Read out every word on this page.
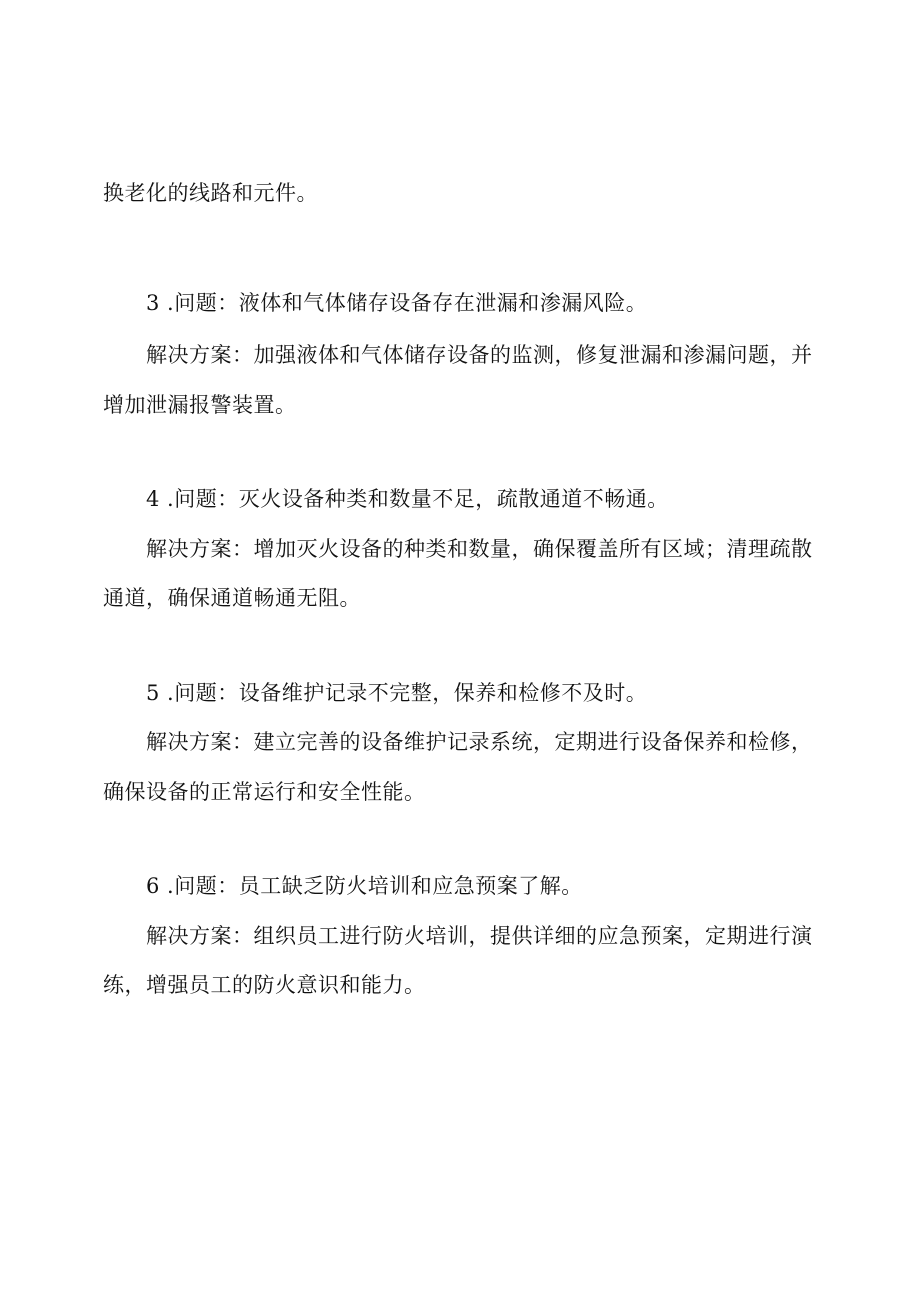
换老化的线路和元件。
3 .问题：液体和气体储存设备存在泄漏和渗漏风险。
解决方案：加强液体和气体储存设备的监测，修复泄漏和渗漏问题，并
增加泄漏报警装置。
4 .问题：灭火设备种类和数量不足，疏散通道不畅通。
解决方案：增加灭火设备的种类和数量，确保覆盖所有区域；清理疏散
通道，确保通道畅通无阻。
5 .问题：设备维护记录不完整，保养和检修不及时。
解决方案：建立完善的设备维护记录系统，定期进行设备保养和检修，
确保设备的正常运行和安全性能。
6 .问题：员工缺乏防火培训和应急预案了解。
解决方案：组织员工进行防火培训，提供详细的应急预案，定期进行演
练，增强员工的防火意识和能力。
